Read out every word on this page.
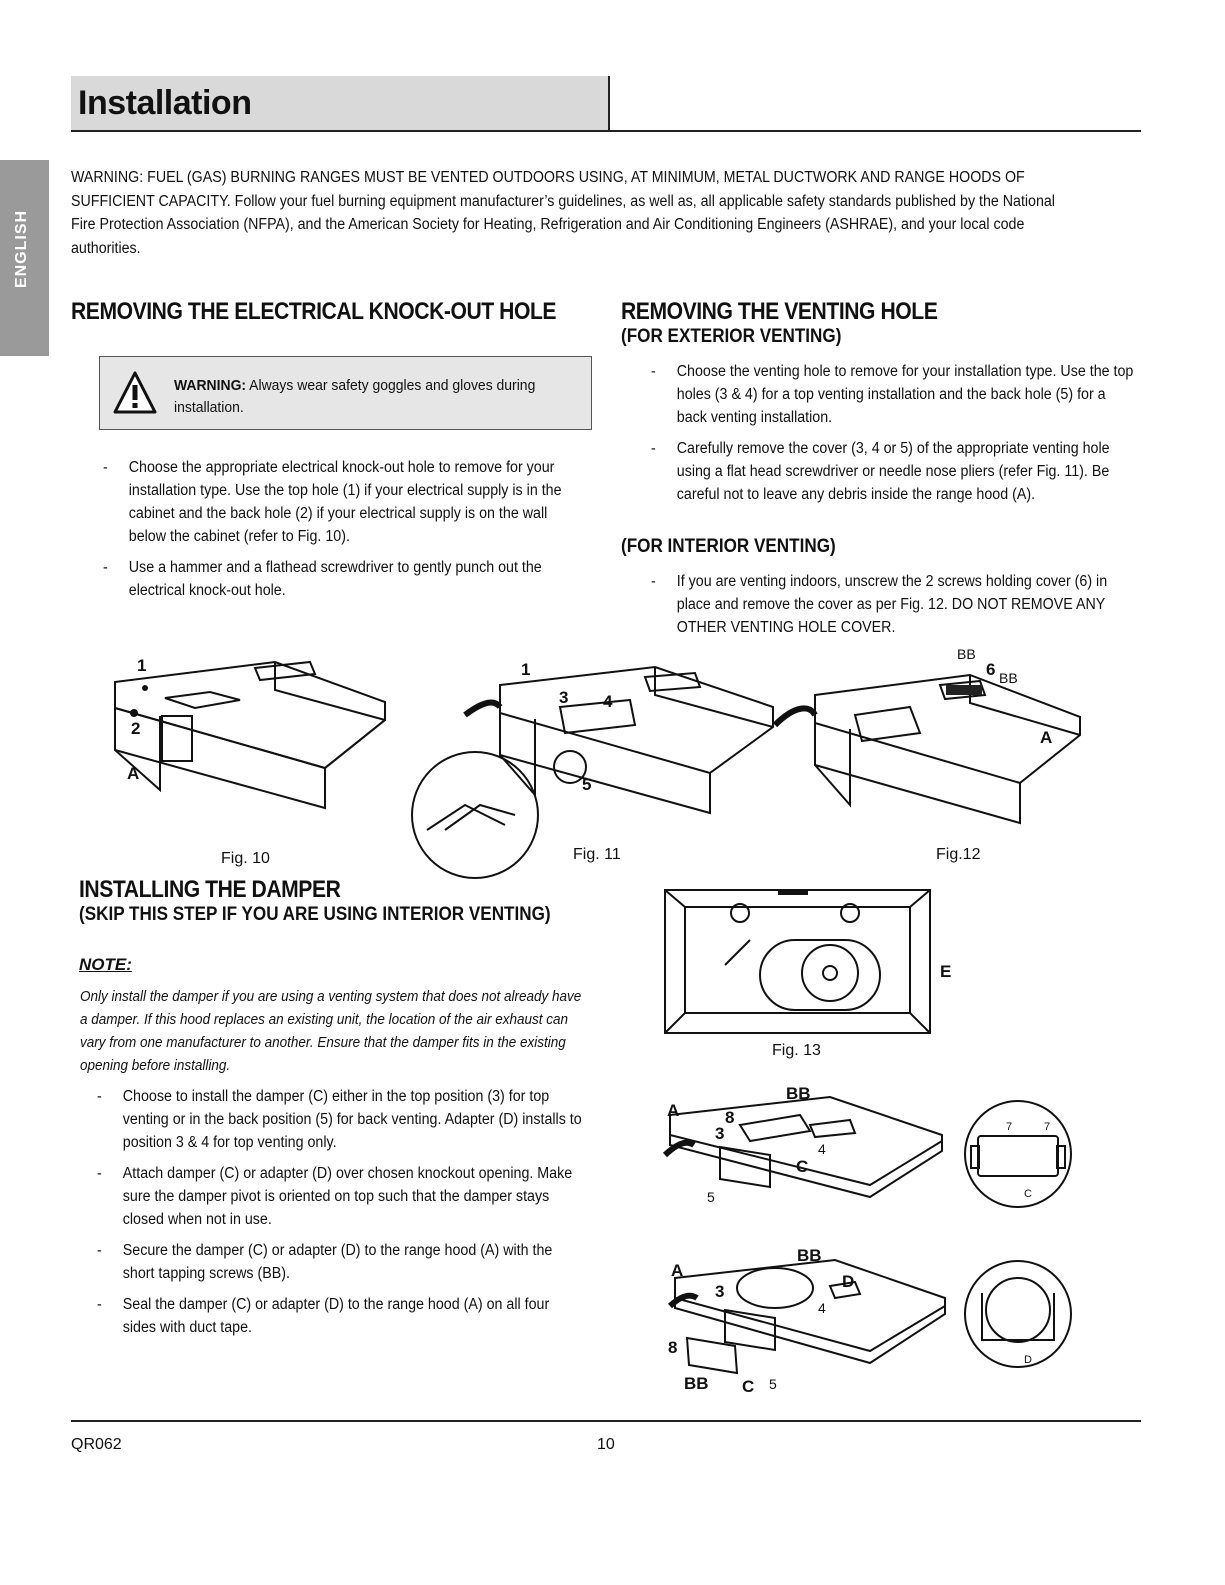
Installation
ENGLISH
WARNING: FUEL (GAS) BURNING RANGES MUST BE VENTED OUTDOORS USING, AT MINIMUM, METAL DUCTWORK AND RANGE HOODS OF SUFFICIENT CAPACITY. Follow your fuel burning equipment manufacturer’s guidelines, as well as, all applicable safety standards published by the National Fire Protection Association (NFPA), and the American Society for Heating, Refrigeration and Air Conditioning Engineers (ASHRAE), and your local code authorities.
REMOVING THE ELECTRICAL KNOCK-OUT HOLE
WARNING: Always wear safety goggles and gloves during installation.
- Choose the appropriate electrical knock-out hole to remove for your installation type. Use the top hole (1) if your electrical supply is in the cabinet and the back hole (2) if your electrical supply is on the wall below the cabinet (refer to Fig. 10).
- Use a hammer and a flathead screwdriver to gently punch out the electrical knock-out hole.
REMOVING THE VENTING HOLE
(FOR EXTERIOR VENTING)
- Choose the venting hole to remove for your installation type. Use the top holes (3 & 4) for a top venting installation and the back hole (5) for a back venting installation.
- Carefully remove the cover (3, 4 or 5) of the appropriate venting hole using a flat head screwdriver or needle nose pliers (refer Fig. 11). Be careful not to leave any debris inside the range hood (A).
(FOR INTERIOR VENTING)
- If you are venting indoors, unscrew the 2 screws holding cover (6) in place and remove the cover as per Fig. 12. DO NOT REMOVE ANY OTHER VENTING HOLE COVER.
1
2
A
Fig. 10
1
3 4
5
Fig. 11
BB
6 BB
A
Fig.12
INSTALLING THE DAMPER
(SKIP THIS STEP IF YOU ARE USING INTERIOR VENTING)
NOTE:
Only install the damper if you are using a venting system that does not already have a damper. If this hood replaces an existing unit, the location of the air exhaust can vary from one manufacturer to another. Ensure that the damper fits in the existing opening before installing.
- Choose to install the damper (C) either in the top position (3) for top venting or in the back position (5) for back venting. Adapter (D) installs to position 3 & 4 for top venting only.
- Attach damper (C) or adapter (D) over chosen knockout opening. Make sure the damper pivot is oriented on top such that the damper stays closed when not in use.
- Secure the damper (C) or adapter (D) to the range hood (A) with the short tapping screws (BB).
- Seal the damper (C) or adapter (D) to the range hood (A) on all four sides with duct tape.
E
Fig. 13
A	8
BB
3
4
C
5
7	7
C
A
BB
D
3
4
8
BB C 5
D
QR062	10
